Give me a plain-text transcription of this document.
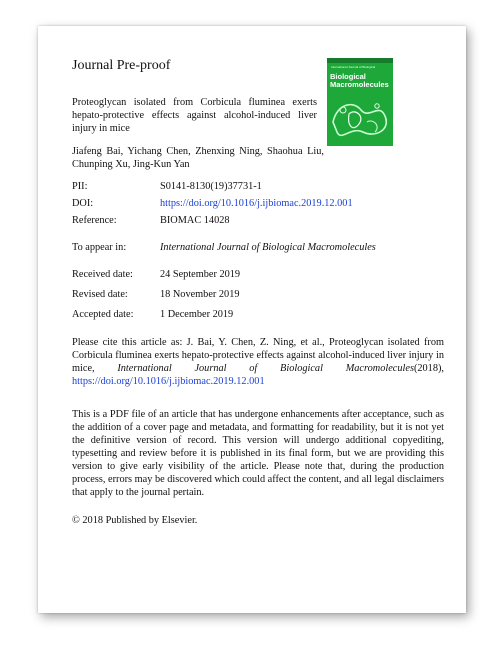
Journal Pre-proof	International Journal of Biological
Biological
Macromolecules
Proteoglycan isolated from Corbicula fluminea exerts hepato-protective effects against alcohol-induced liver injury in mice
Jiafeng Bai, Yichang Chen, Zhenxing Ning, Shaohua Liu, Chunping Xu, Jing-Kun Yan
PII:	S0141-8130(19)37731-1
DOI:	https://doi.org/10.1016/j.ijbiomac.2019.12.001
Reference:	BIOMAC 14028
To appear in:	International Journal of Biological Macromolecules
Received date:	24 September 2019
Revised date:	18 November 2019
Accepted date:	1 December 2019
Please cite this article as: J. Bai, Y. Chen, Z. Ning, et al., Proteoglycan isolated from Corbicula fluminea exerts hepato-protective effects against alcohol-induced liver injury in mice, International Journal of Biological Macromolecules(2018), https://doi.org/10.1016/j.ijbiomac.2019.12.001
This is a PDF file of an article that has undergone enhancements after acceptance, such as the addition of a cover page and metadata, and formatting for readability, but it is not yet the definitive version of record. This version will undergo additional copyediting, typesetting and review before it is published in its final form, but we are providing this version to give early visibility of the article. Please note that, during the production process, errors may be discovered which could affect the content, and all legal disclaimers that apply to the journal pertain.
© 2018 Published by Elsevier.
